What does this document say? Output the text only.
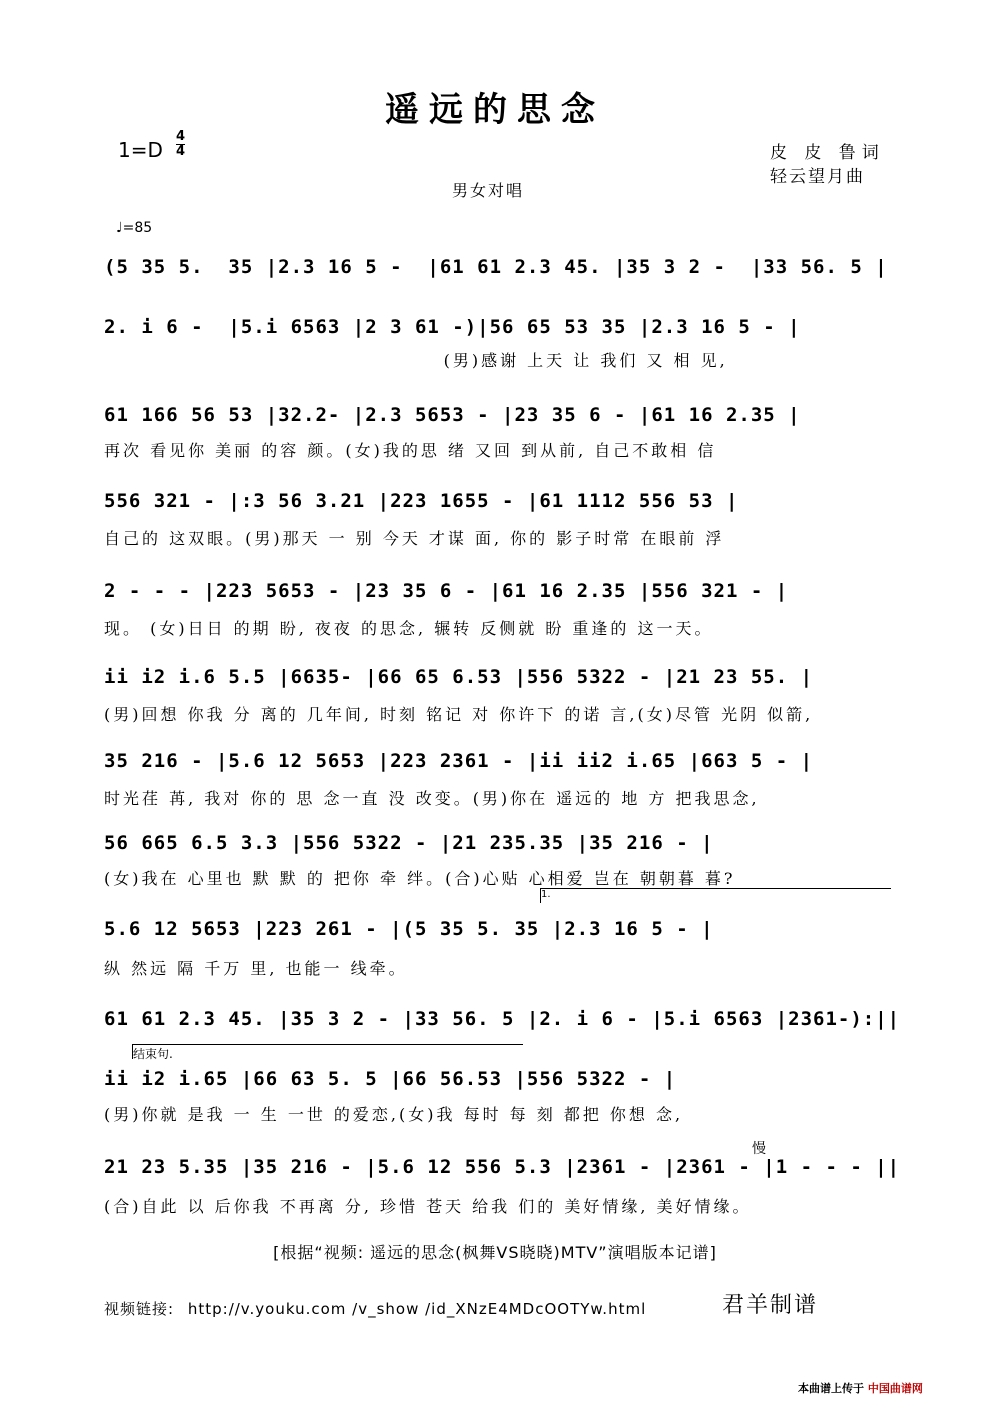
遥远的思念
1=D
4
4	皮 皮 鲁词
轻云望月曲
男女对唱
♩=85
(5 35 5.  35 |2.3 16 5 -  |61 61 2.3 45. |35 3 2 -  |33 56. 5 |
2. i 6 -  |5.i 6563 |2 3 61 -)|56 65 53 35 |2.3 16 5 - |
(男)感谢 上天 让 我们 又 相 见,
61 166 56 53 |32.2- |2.3 5653 - |23 35 6 - |61 16 2.35 |
再次 看见你 美丽 的容 颜。(女)我的思 绪 又回 到从前, 自己不敢相 信
556 321 - |:3 56 3.21 |223 1655 - |61 1112 556 53 |
自己的 这双眼。(男)那天 一 别 今天 才谋 面, 你的 影子时常 在眼前 浮
2 - - - |223 5653 - |23 35 6 - |61 16 2.35 |556 321 - |
现。 (女)日日 的期 盼, 夜夜 的思念, 辗转 反侧就 盼 重逢的 这一天。
ii i2 i.6 5.5 |6635- |66 65 6.53 |556 5322 - |21 23 55. |
(男)回想 你我 分 离的 几年间, 时刻 铭记 对 你许下 的诺 言,(女)尽管 光阴 似箭,
35 216 - |5.6 12 5653 |223 2361 - |ii ii2 i.65 |663 5 - |
时光荏 苒, 我对 你的 思 念一直 没 改变。(男)你在 遥远的 地 方 把我思念,
56 665 6.5 3.3 |556 5322 - |21 235.35 |35 216 - |
(女)我在 心里也 默 默 的 把你 牵 绊。(合)心贴 心相爱 岂在 朝朝暮 暮?
1.
5.6 12 5653 |223 261 - |(5 35 5. 35 |2.3 16 5 - |
纵 然远 隔 千万 里, 也能一 线牵。
61 61 2.3 45. |35 3 2 - |33 56. 5 |2. i 6 - |5.i 6563 |2361-):||
结束句.
ii i2 i.65 |66 63 5. 5 |66 56.53 |556 5322 - |
(男)你就 是我 一 生 一世 的爱恋,(女)我 每时 每 刻 都把 你想 念,
慢
21 23 5.35 |35 216 - |5.6 12 556 5.3 |2361 - |2361 - |1 - - - ||
(合)自此 以 后你我 不再离 分, 珍惜 苍天 给我 们的 美好情缘, 美好情缘。
[根据“视频: 遥远的思念(枫舞VS晓晓)MTV”演唱版本记谱]
视频链接: http://v.youku.com /v_show /id_XNzE4MDcOOTYw.html	君羊制谱
本曲谱上传于 中国曲谱网
